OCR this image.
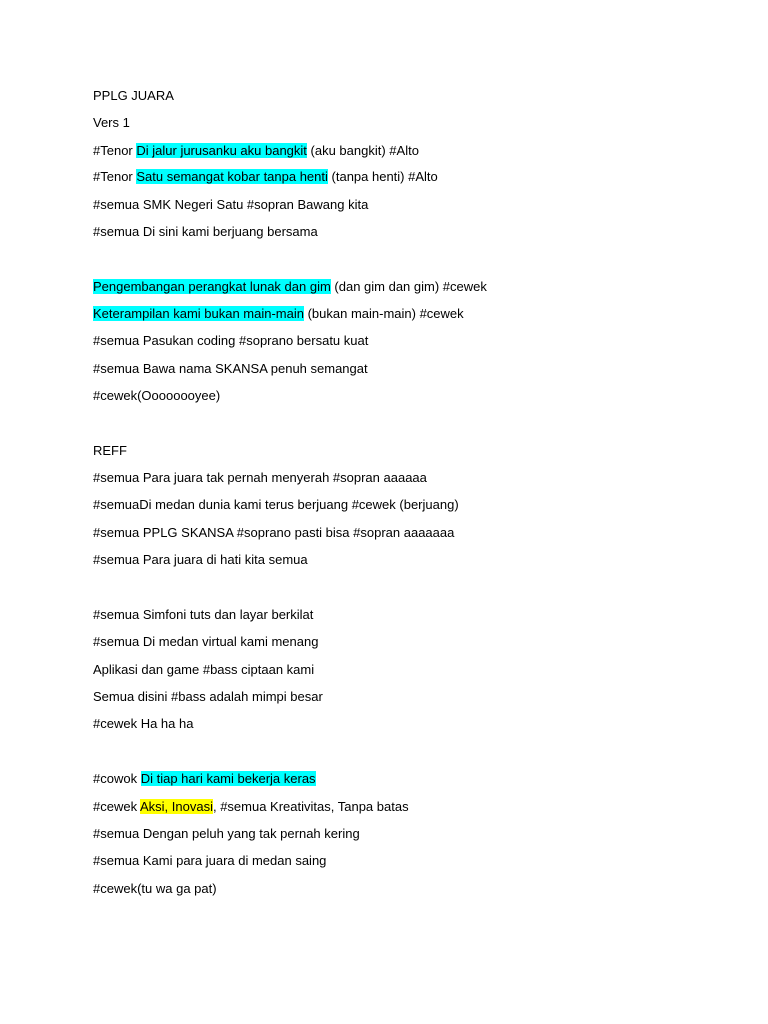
PPLG JUARA
Vers 1
#Tenor Di jalur jurusanku aku bangkit (aku bangkit) #Alto
#Tenor Satu semangat kobar tanpa henti (tanpa henti) #Alto
#semua SMK Negeri Satu #sopran Bawang kita
#semua Di sini kami berjuang bersama
Pengembangan perangkat lunak dan gim (dan gim dan gim) #cewek
Keterampilan kami bukan main-main (bukan main-main) #cewek
#semua Pasukan coding #soprano bersatu kuat
#semua Bawa nama SKANSA penuh semangat
#cewek(Oooooooyee)
REFF
#semua Para juara tak pernah menyerah #sopran aaaaaa
#semuaDi medan dunia kami terus berjuang #cewek (berjuang)
#semua PPLG SKANSA #soprano pasti bisa #sopran aaaaaaa
#semua Para juara di hati kita semua
#semua Simfoni tuts dan layar berkilat
#semua Di medan virtual kami menang
Aplikasi dan game #bass ciptaan kami
Semua disini #bass adalah mimpi besar
#cewek Ha ha ha
#cowok Di tiap hari kami bekerja keras
#cewek Aksi, Inovasi, #semua Kreativitas, Tanpa batas
#semua Dengan peluh yang tak pernah kering
#semua Kami para juara di medan saing
#cewek(tu wa ga pat)
